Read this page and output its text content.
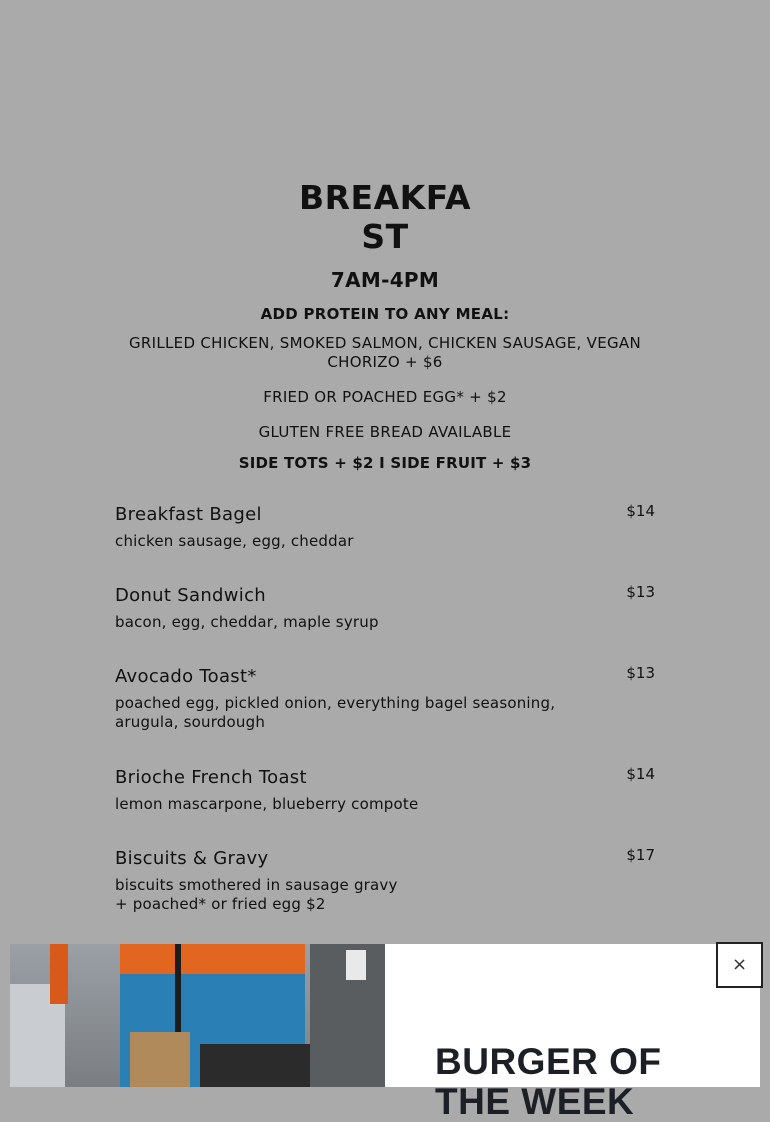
BREAKFA
ST
7AM-4PM
ADD PROTEIN TO ANY MEAL:
GRILLED CHICKEN, SMOKED SALMON, CHICKEN SAUSAGE, VEGAN
CHORIZO + $6
FRIED OR POACHED EGG* + $2
GLUTEN FREE BREAD AVAILABLE
SIDE TOTS + $2 I SIDE FRUIT + $3
Breakfast Bagel	$14
chicken sausage, egg, cheddar
Donut Sandwich	$13
bacon, egg, cheddar, maple syrup
Avocado Toast*	$13
poached egg, pickled onion, everything bagel seasoning,
arugula, sourdough
Brioche French Toast	$14
lemon mascarpone, blueberry compote
Biscuits & Gravy	$17
biscuits smothered in sausage gravy
+ poached* or fried egg $2
BURGER OF
THE WEEK
×
